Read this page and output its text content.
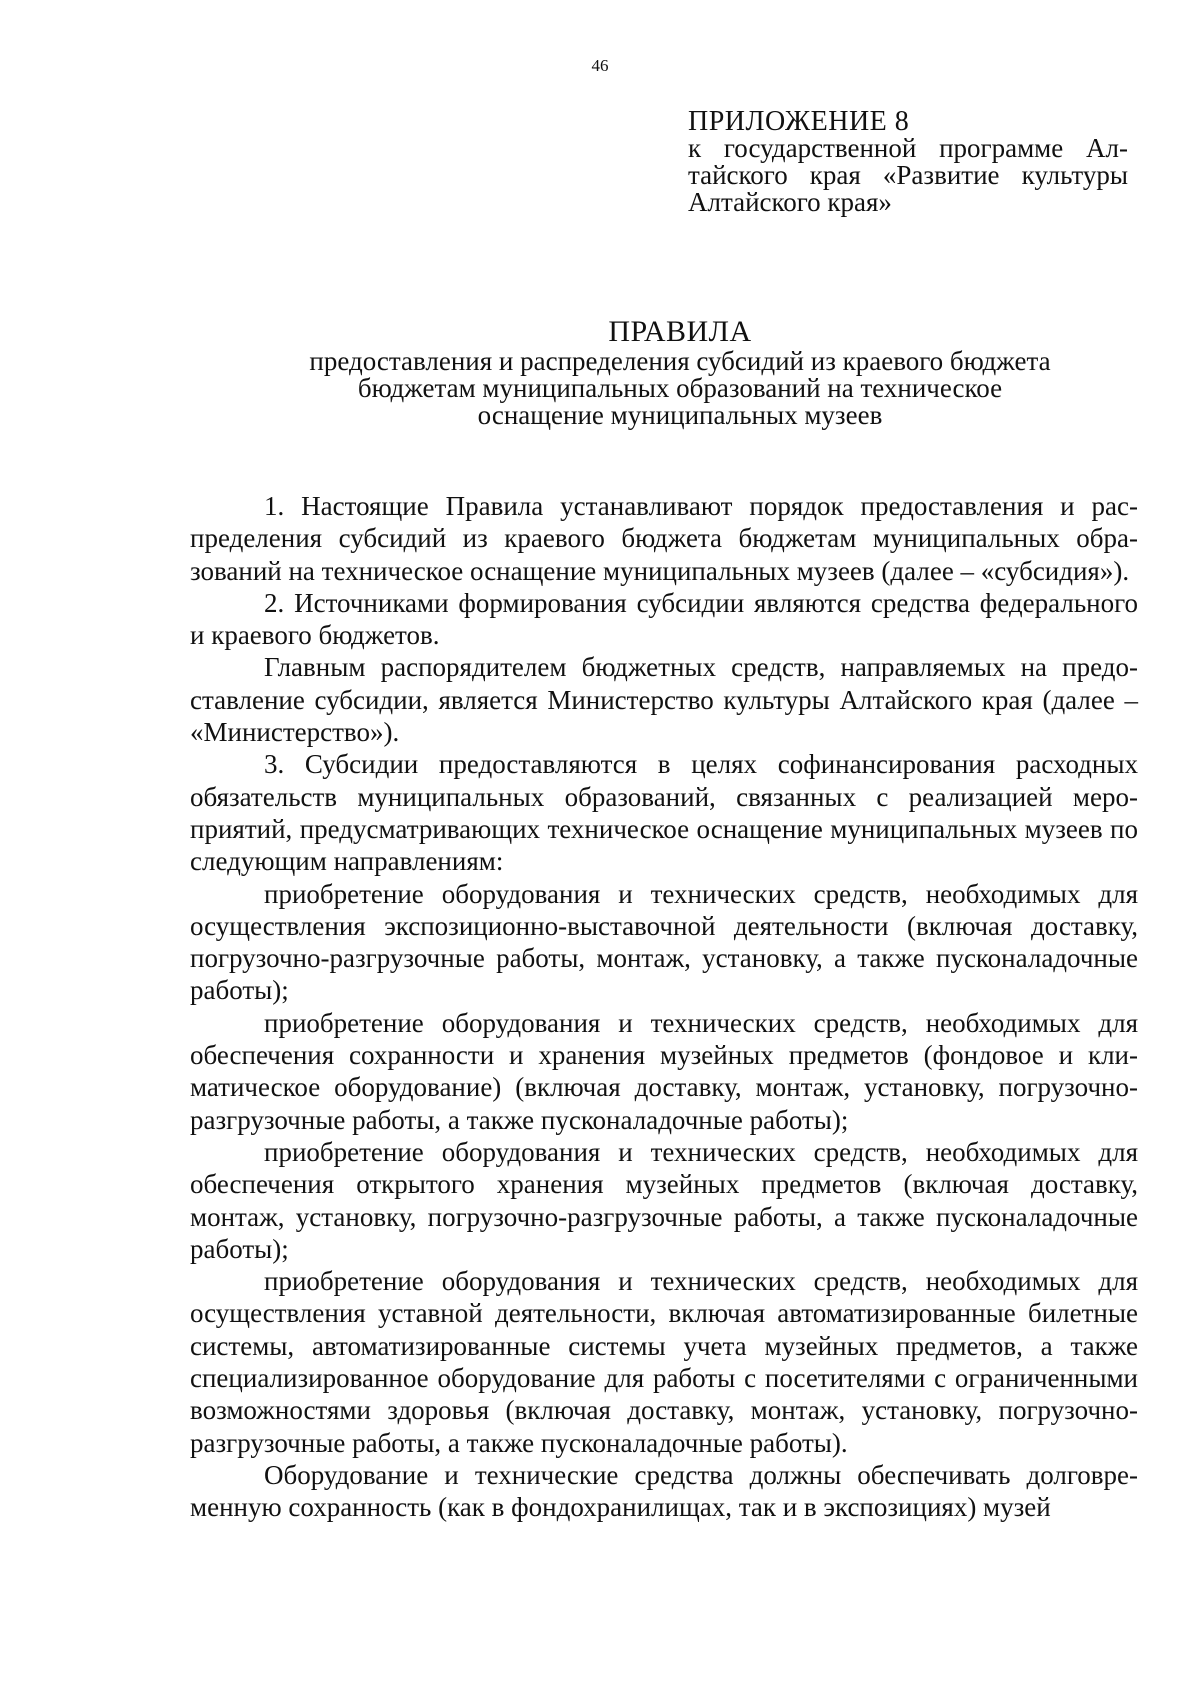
46
ПРИЛОЖЕНИЕ 8
к государственной программе Алтайского края «Развитие культуры Алтайского края»
ПРАВИЛА
предоставления и распределения субсидий из краевого бюджета бюджетам муниципальных образований на техническое оснащение муниципальных музеев

1. Настоящие Правила устанавливают порядок предоставления и распределения субсидий из краевого бюджета бюджетам муниципальных образований на техническое оснащение муниципальных музеев (далее – «субсидия»).

2. Источниками формирования субсидии являются средства федерального и краевого бюджетов.

Главным распорядителем бюджетных средств, направляемых на предоставление субсидии, является Министерство культуры Алтайского края (далее – «Министерство»).

3. Субсидии предоставляются в целях софинансирования расходных обязательств муниципальных образований, связанных с реализацией мероприятий, предусматривающих техническое оснащение муниципальных музеев по следующим направлениям:

приобретение оборудования и технических средств, необходимых для осуществления экспозиционно-выставочной деятельности (включая доставку, погрузочно-разгрузочные работы, монтаж, установку, а также пусконаладочные работы);

приобретение оборудования и технических средств, необходимых для обеспечения сохранности и хранения музейных предметов (фондовое и климатическое оборудование) (включая доставку, монтаж, установку, погрузочно-разгрузочные работы, а также пусконаладочные работы);

приобретение оборудования и технических средств, необходимых для обеспечения открытого хранения музейных предметов (включая доставку, монтаж, установку, погрузочно-разгрузочные работы, а также пусконаладочные работы);

приобретение оборудования и технических средств, необходимых для осуществления уставной деятельности, включая автоматизированные билетные системы, автоматизированные системы учета музейных предметов, а также специализированное оборудование для работы с посетителями с ограниченными возможностями здоровья (включая доставку, монтаж, установку, погрузочно-разгрузочные работы, а также пусконаладочные работы).

Оборудование и технические средства должны обеспечивать долговременную сохранность (как в фондохранилищах, так и в экспозициях) музей
